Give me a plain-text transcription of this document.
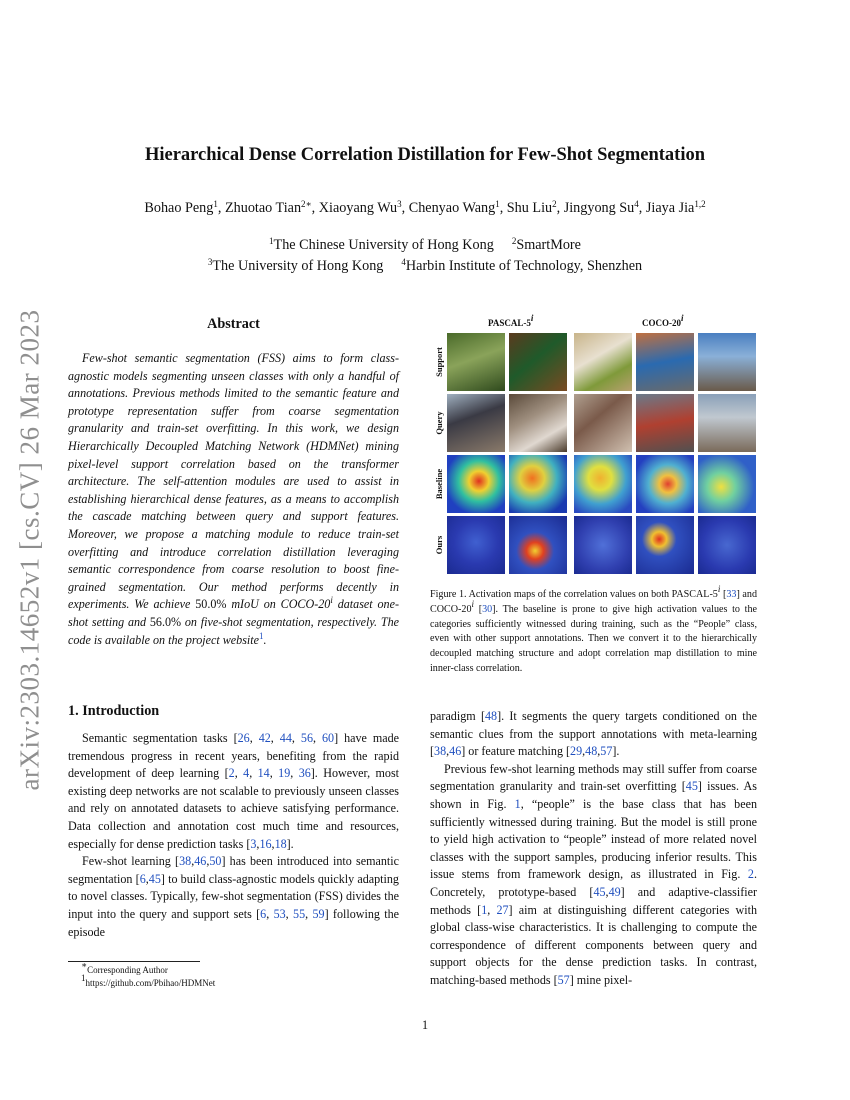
arXiv:2303.14652v1 [cs.CV] 26 Mar 2023
Hierarchical Dense Correlation Distillation for Few-Shot Segmentation
Bohao Peng$^1$, Zhuotao Tian$^{2∗}$, Xiaoyang Wu$^3$, Chenyao Wang$^1$, Shu Liu$^2$, Jingyong Su$^4$, Jiaya Jia$^{1,2}$
$^1$The Chinese University of Hong Kong $^2$SmartMore
$^3$The University of Hong Kong $^4$Harbin Institute of Technology, Shenzhen
Abstract

Few-shot semantic segmentation (FSS) aims to form class-agnostic models segmenting unseen classes with only a handful of annotations. Previous methods limited to the semantic feature and prototype representation suffer from coarse segmentation granularity and train-set overfitting. In this work, we design Hierarchically Decoupled Matching Network (HDMNet) mining pixel-level support correlation based on the transformer architecture. The self-attention modules are used to assist in establishing hierarchical dense features, as a means to accomplish the cascade matching between query and support features. Moreover, we propose a matching module to reduce train-set overfitting and introduce correlation distillation leveraging semantic correspondence from coarse resolution to boost fine-grained segmentation. Our method performs decently in experiments. We achieve 50.0% mIoU on COCO-20$^i$ dataset one-shot setting and 56.0% on five-shot segmentation, respectively. The code is available on the project website$^1$.

PASCAL-5$^i$	COCO-20$^i$
Support
Query
Baseline
Ours
Figure 1. Activation maps of the correlation values on both PASCAL-5$^i$ [33] and COCO-20$^i$ [30]. The baseline is prone to give high activation values to the categories sufficiently witnessed during training, such as the “People” class, even with other support annotations. Then we convert it to the hierarchically decoupled matching structure and adopt correlation map distillation to mine inner-class correlation.
1. Introduction

Semantic segmentation tasks [26, 42, 44, 56, 60] have made tremendous progress in recent years, benefiting from the rapid development of deep learning [2, 4, 14, 19, 36]. However, most existing deep networks are not scalable to previously unseen classes and rely on annotated datasets to achieve satisfying performance. Data collection and annotation cost much time and resources, especially for dense prediction tasks [3,16,18].

Few-shot learning [38,46,50] has been introduced into semantic segmentation [6,45] to build class-agnostic models quickly adapting to novel classes. Typically, few-shot segmentation (FSS) divides the input into the query and support sets [6, 53, 55, 59] following the episode

paradigm [48]. It segments the query targets conditioned on the semantic clues from the support annotations with meta-learning [38,46] or feature matching [29,48,57].

Previous few-shot learning methods may still suffer from coarse segmentation granularity and train-set overfitting [45] issues. As shown in Fig. 1, “people” is the base class that has been sufficiently witnessed during training. But the model is still prone to yield high activation to “people” instead of more related novel classes with the support samples, producing inferior results. This issue stems from framework design, as illustrated in Fig. 2. Concretely, prototype-based [45,49] and adaptive-classifier methods [1, 27] aim at distinguishing different categories with global class-wise characteristics. It is challenging to compute the correspondence of different components between query and support objects for the dense prediction tasks. In contrast, matching-based methods [57] mine pixel-

∗Corresponding Author
$^1$https://github.com/Pbihao/HDMNet
1
